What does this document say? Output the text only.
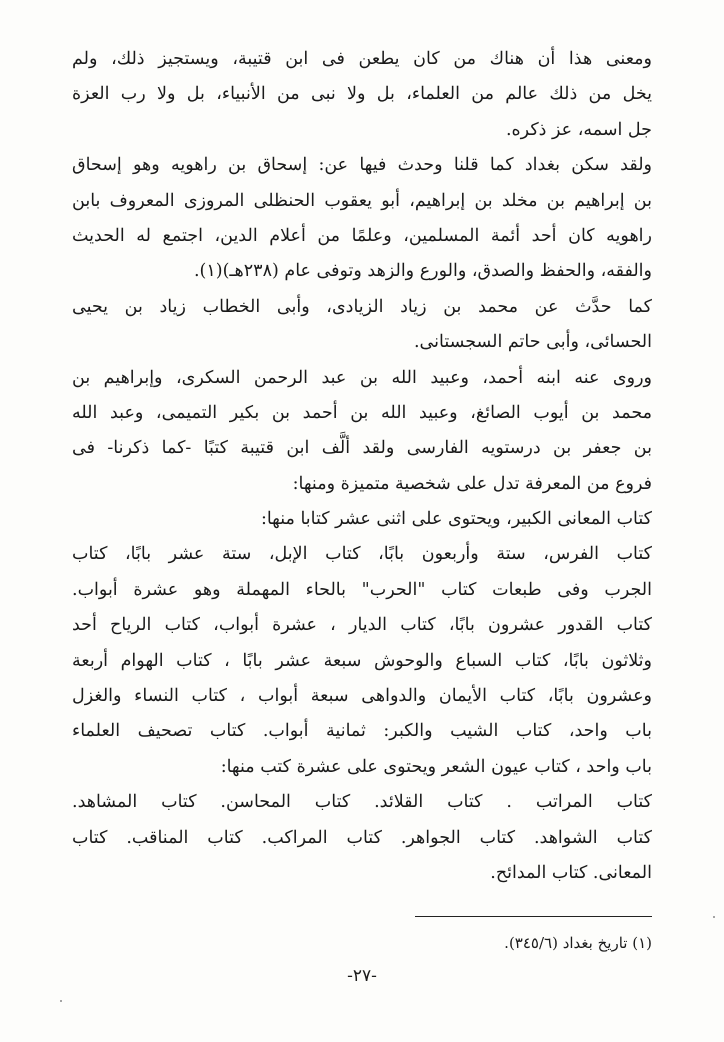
ومعنى هذا أن هناك من كان يطعن فى ابن قتيبة، ويستجيز ذلك، ولم
يخل من ذلك عالم من العلماء، بل ولا نبى من الأنبياء، بل ولا رب العزة
جل اسمه، عز ذكره.
ولقد سكن بغداد كما قلنا وحدث فيها عن: إسحاق بن راهويه وهو إسحاق
بن إبراهيم بن مخلد بن إبراهيم، أبو يعقوب الحنظلى المروزى المعروف بابن
راهويه كان أحد أئمة المسلمين، وعلمًا من أعلام الدين، اجتمع له الحديث
والفقه، والحفظ والصدق، والورع والزهد وتوفى عام (٢٣٨هـ)(١).
كما حدَّث عن محمد بن زياد الزيادى، وأبى الخطاب زياد بن يحيى
الحسائى، وأبى حاتم السجستانى.
وروى عنه ابنه أحمد، وعبيد الله بن عبد الرحمن السكرى، وإبراهيم بن
محمد بن أيوب الصائغ، وعبيد الله بن أحمد بن بكير التميمى، وعبد الله
بن جعفر بن درستويه الفارسى ولقد ألَّف ابن قتيبة كتبًا -كما ذكرنا- فى
فروع من المعرفة تدل على شخصية متميزة ومنها:
كتاب المعانى الكبير، ويحتوى على اثنى عشر كتابا منها:
كتاب الفرس، ستة وأربعون بابًا، كتاب الإبل، ستة عشر بابًا، كتاب
الجرب وفى طبعات كتاب "الحرب" بالحاء المهملة وهو عشرة أبواب.
كتاب القدور عشرون بابًا، كتاب الديار ، عشرة أبواب، كتاب الرياح أحد
وثلاثون بابًا، كتاب السباع والوحوش سبعة عشر بابًا ، كتاب الهوام أربعة
وعشرون بابًا، كتاب الأيمان والدواهى سبعة أبواب ، كتاب النساء والغزل
باب واحد، كتاب الشيب والكبر: ثمانية أبواب. كتاب تصحيف العلماء
باب واحد ، كتاب عيون الشعر ويحتوى على عشرة كتب منها:
كتاب المراتب . كتاب القلائد. كتاب المحاسن. كتاب المشاهد.
كتاب الشواهد. كتاب الجواهر. كتاب المراكب. كتاب المناقب. كتاب
المعانى. كتاب المدائح.
(١) تاريخ بغداد (٣٤٥/٦).
-٢٧-
